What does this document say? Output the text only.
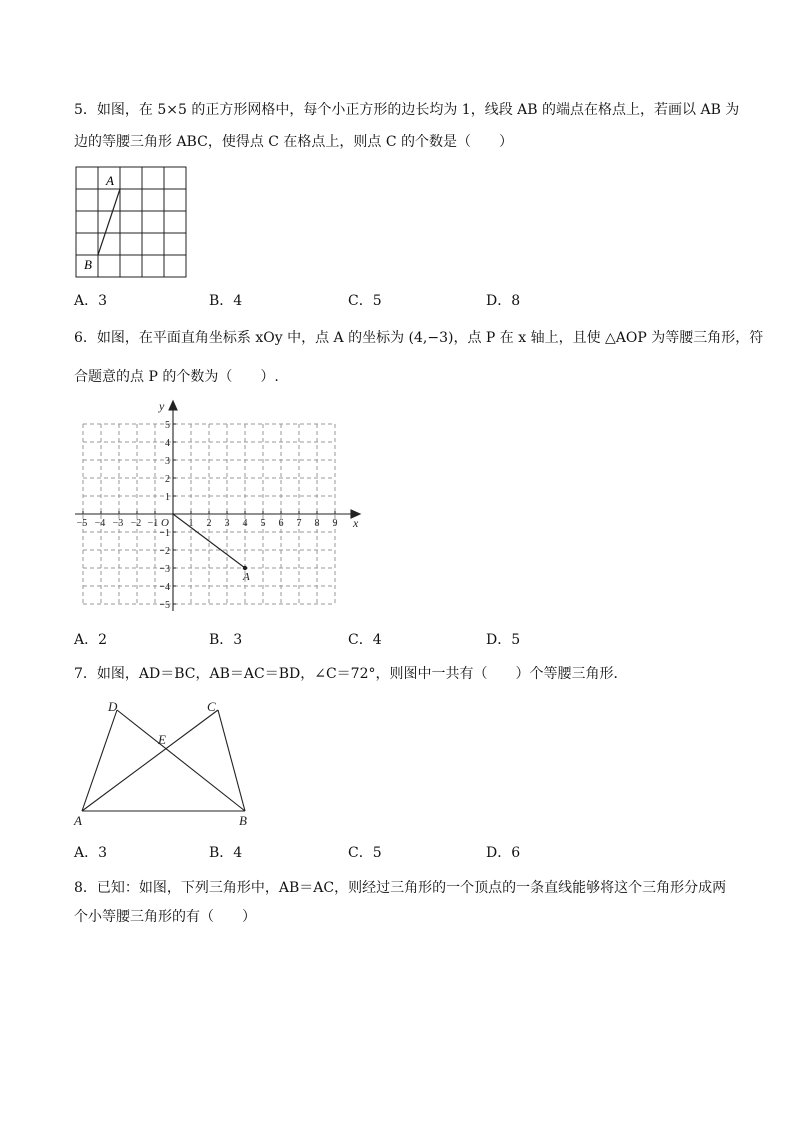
5．如图，在 5×5 的正方形网格中，每个小正方形的边长均为 1，线段 AB 的端点在格点上，若画以 AB 为
边的等腰三角形 ABC，使得点 C 在格点上，则点 C 的个数是（　　）
A
B
A．3	B．4	C．5	D．8
6．如图，在平面直角坐标系 xOy 中，点 A 的坐标为 (4,−3)，点 P 在 x 轴上，且使 △AOP 为等腰三角形，符
合题意的点 P 的个数为（　　）.
−5 −4 −3 −2 −1	1 2 3 4 5 6 7 8 9
5
4
3
2
1
−1
−2
−3
−4
−5
O	x
y
A
A．2	B．3	C．4	D．5
7．如图，AD＝BC，AB＝AC＝BD，∠C＝72°，则图中一共有（　　）个等腰三角形．
D	C
E
A	B
A．3	B．4	C．5	D．6
8．已知：如图，下列三角形中，AB＝AC，则经过三角形的一个顶点的一条直线能够将这个三角形分成两
个小等腰三角形的有（　　）
